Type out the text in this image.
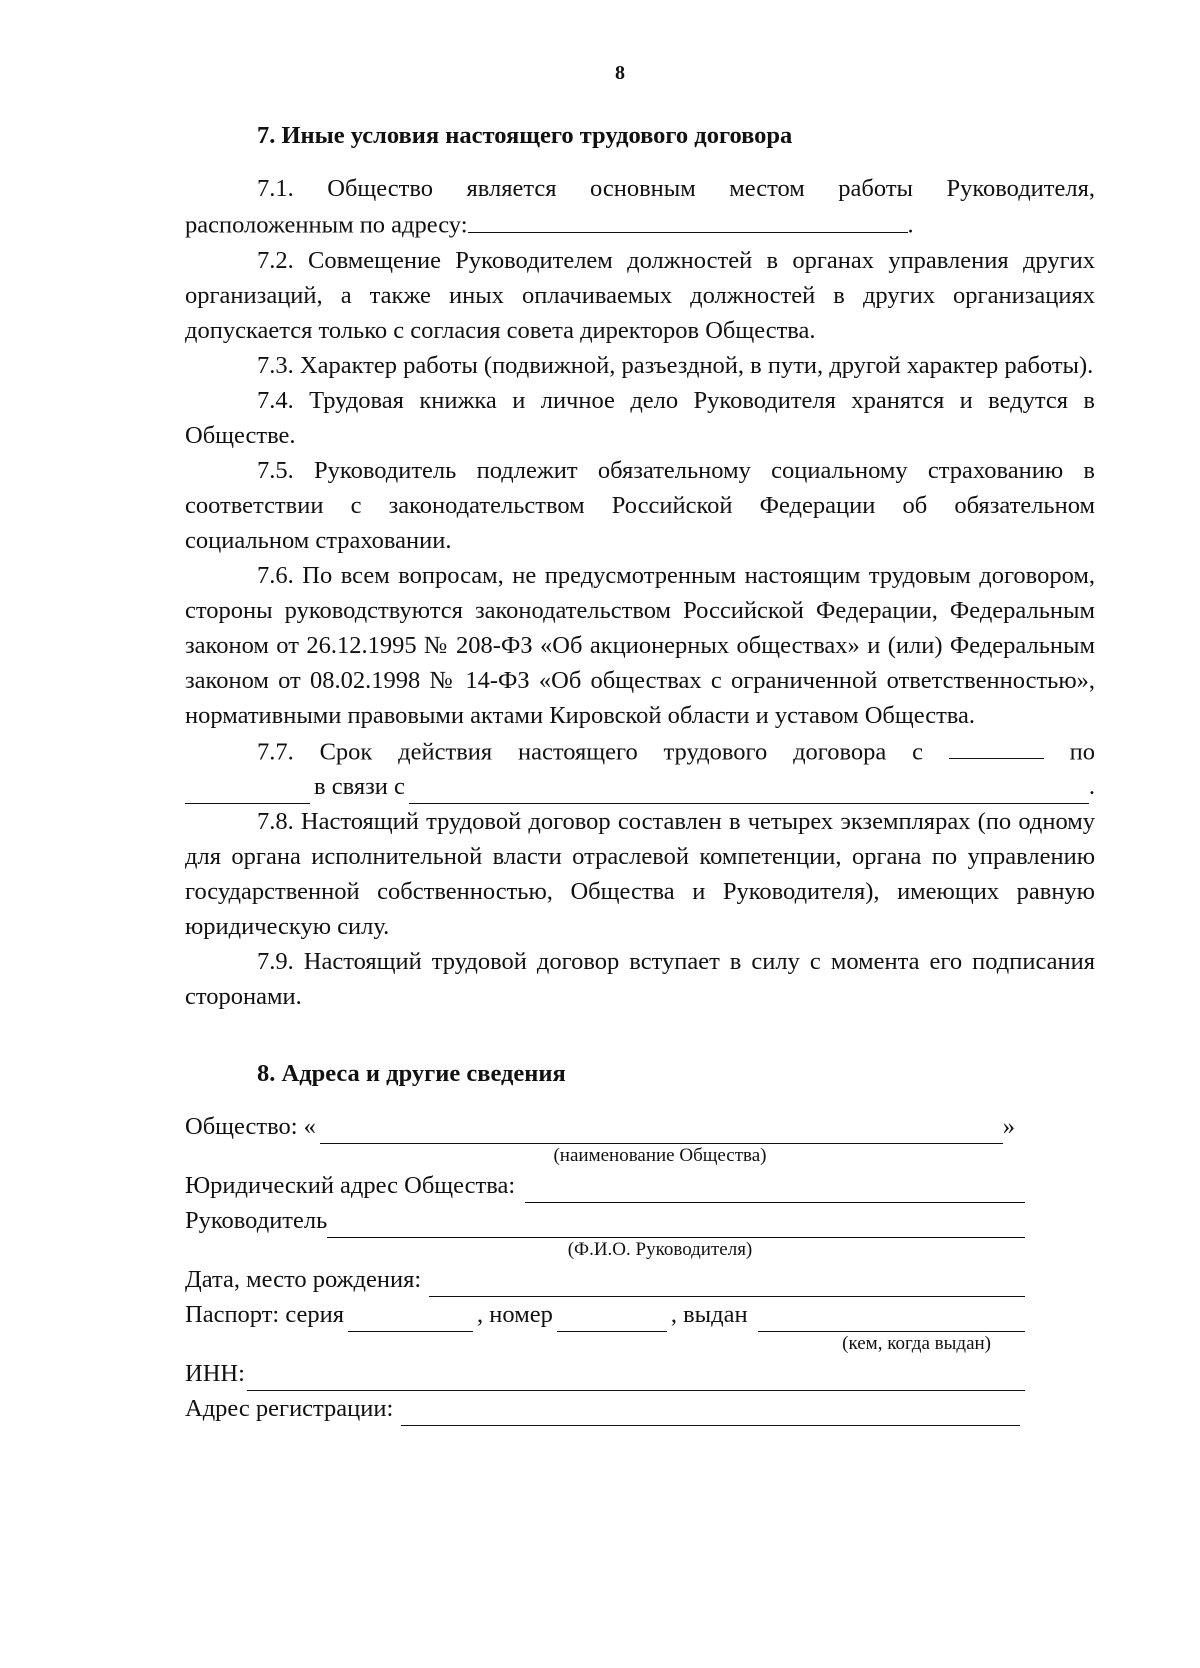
8
7. Иные условия настоящего трудового договора

7.1. Общество является основным местом работы Руководителя, расположенным по адресу:	.

7.2. Совмещение Руководителем должностей в органах управления других организаций, а также иных оплачиваемых должностей в других организациях допускается только с согласия совета директоров Общества.

7.3. Характер работы (подвижной, разъездной, в пути, другой характер работы).

7.4. Трудовая книжка и личное дело Руководителя хранятся и ведутся в Обществе.

7.5. Руководитель подлежит обязательному социальному страхованию в соответствии с законодательством Российской Федерации об обязательном социальном страховании.

7.6. По всем вопросам, не предусмотренным настоящим трудовым договором, стороны руководствуются законодательством Российской Федерации, Федеральным законом от 26.12.1995 № 208-ФЗ «Об акционерных обществах» и (или) Федеральным законом от 08.02.1998 № 14-ФЗ «Об обществах с ограниченной ответственностью», нормативными правовыми актами Кировской области и уставом Общества.

7.7. Срок действия настоящего трудового договора с	по

в связи с	.

7.8. Настоящий трудовой договор составлен в четырех экземплярах (по одному для органа исполнительной власти отраслевой компетенции, органа по управлению государственной собственностью, Общества и Руководителя), имеющих равную юридическую силу.

7.9. Настоящий трудовой договор вступает в силу с момента его подписания сторонами.

8. Адреса и другие сведения
Общество: «	»
(наименование Общества)
Юридический адрес Общества:
Руководитель
(Ф.И.О. Руководителя)
Дата, место рождения:
Паспорт: серия	, номер	, выдан
(кем, когда выдан)
ИНН:
Адрес регистрации:
